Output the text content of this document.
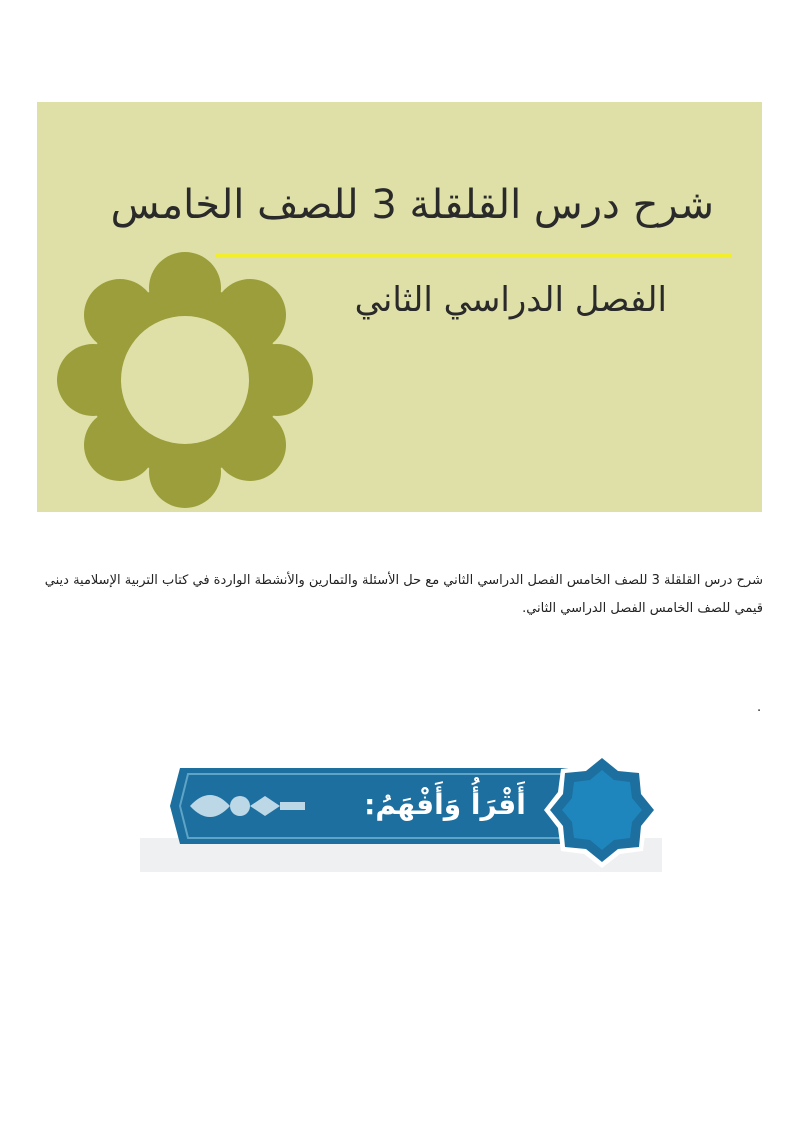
شرح درس القلقلة 3 للصف الخامس
الفصل الدراسي الثاني
شرح درس القلقلة 3 للصف الخامس الفصل الدراسي الثاني مع حل الأسئلة والتمارين والأنشطة الواردة في كتاب التربية الإسلامية ديني قيمي للصف الخامس الفصل الدراسي الثاني.
.
أَقْرَأُ وَأَفْهَمُ:
